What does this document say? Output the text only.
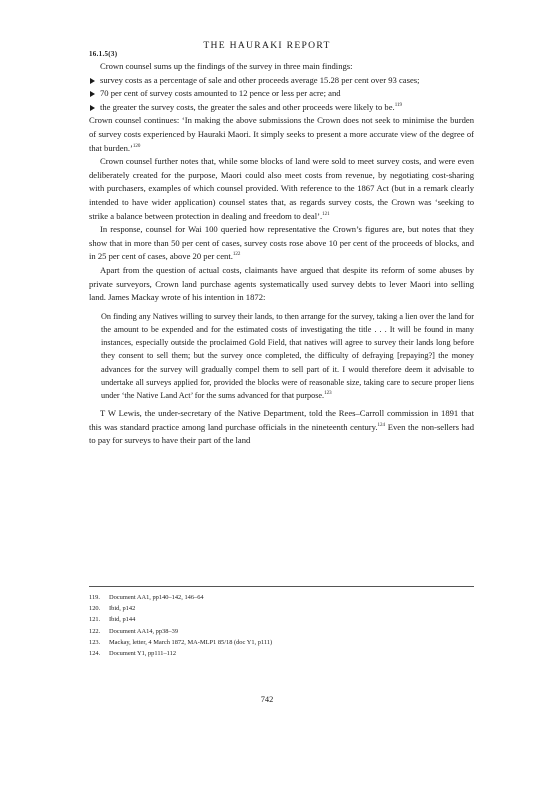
THE HAURAKI REPORT
16.1.5(3)

Crown counsel sums up the findings of the survey in three main findings:

survey costs as a percentage of sale and other proceeds average 15.28 per cent over 93 cases;
70 per cent of survey costs amounted to 12 pence or less per acre; and
the greater the survey costs, the greater the sales and other proceeds were likely to be.$^{119}$

Crown counsel continues: ‘In making the above submissions the Crown does not seek to minimise the burden of survey costs experienced by Hauraki Maori. It simply seeks to present a more accurate view of the degree of that burden.’$^{120}$

Crown counsel further notes that, while some blocks of land were sold to meet survey costs, and were even deliberately created for the purpose, Maori could also meet costs from revenue, by negotiating cost-sharing with purchasers, examples of which counsel provided. With reference to the 1867 Act (but in a remark clearly intended to have wider application) counsel states that, as regards survey costs, the Crown was ‘seeking to strike a balance between protection in dealing and freedom to deal’.$^{121}$

In response, counsel for Wai 100 queried how representative the Crown’s figures are, but notes that they show that in more than 50 per cent of cases, survey costs rose above 10 per cent of the proceeds of blocks, and in 25 per cent of cases, above 20 per cent.$^{122}$

Apart from the question of actual costs, claimants have argued that despite its reform of some abuses by private surveyors, Crown land purchase agents systematically used survey debts to lever Maori into selling land. James Mackay wrote of his intention in 1872:

On finding any Natives willing to survey their lands, to then arrange for the survey, taking a lien over the land for the amount to be expended and for the estimated costs of investigating the title . . . It will be found in many instances, especially outside the proclaimed Gold Field, that natives will agree to survey their lands long before they consent to sell them; but the survey once completed, the difficulty of defraying [repaying?] the money advances for the survey will gradually compel them to sell part of it. I would therefore deem it advisable to undertake all surveys applied for, provided the blocks were of reasonable size, taking care to secure proper liens under ‘the Native Land Act’ for the sums advanced for that purpose.$^{123}$

T W Lewis, the under-secretary of the Native Department, told the Rees–Carroll commission in 1891 that this was standard practice among land purchase officials in the nineteenth century.$^{124}$ Even the non-sellers had to pay for surveys to have their part of the land

119. Document AA1, pp140–142, 146–64
120. Ibid, p142
121. Ibid, p144
122. Document AA14, pp38–39
123. Mackay, letter, 4 March 1872, MA-MLP1 85/18 (doc Y1, p111)
124. Document Y1, pp111–112
742
